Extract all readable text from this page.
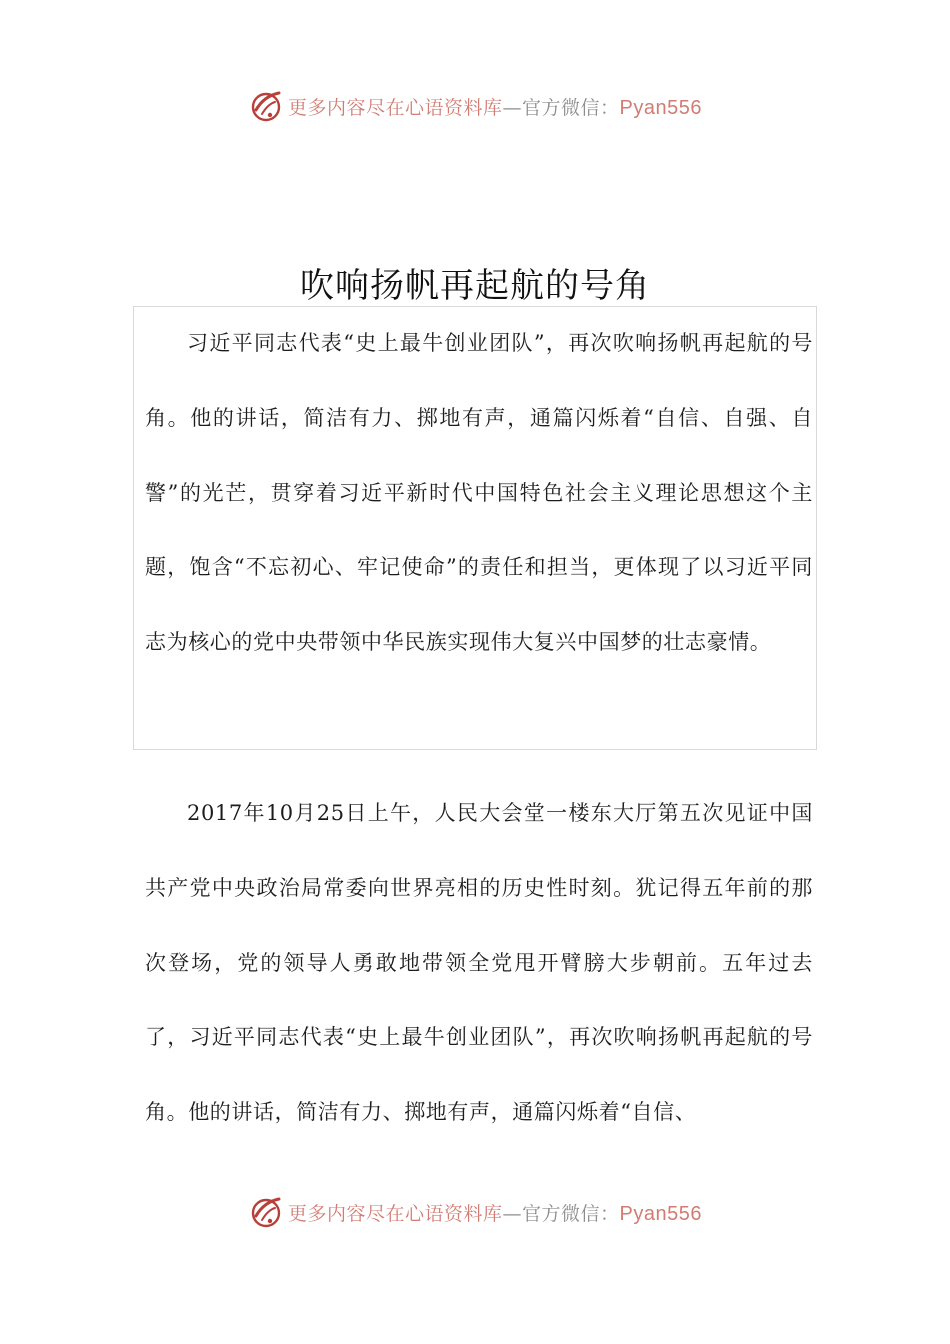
更多内容尽在心语资料库—官方微信：Pyan556
吹响扬帆再起航的号角

习近平同志代表“史上最牛创业团队”，再次吹响扬帆再起航的号角。他的讲话，简洁有力、掷地有声，通篇闪烁着“自信、自强、自警”的光芒，贯穿着习近平新时代中国特色社会主义理论思想这个主题，饱含“不忘初心、牢记使命”的责任和担当，更体现了以习近平同志为核心的党中央带领中华民族实现伟大复兴中国梦的壮志豪情。

2017年10月25日上午，人民大会堂一楼东大厅第五次见证中国共产党中央政治局常委向世界亮相的历史性时刻。犹记得五年前的那次登场，党的领导人勇敢地带领全党甩开臂膀大步朝前。五年过去了，习近平同志代表“史上最牛创业团队”，再次吹响扬帆再起航的号角。他的讲话，简洁有力、掷地有声，通篇闪烁着“自信、

更多内容尽在心语资料库—官方微信：Pyan556
